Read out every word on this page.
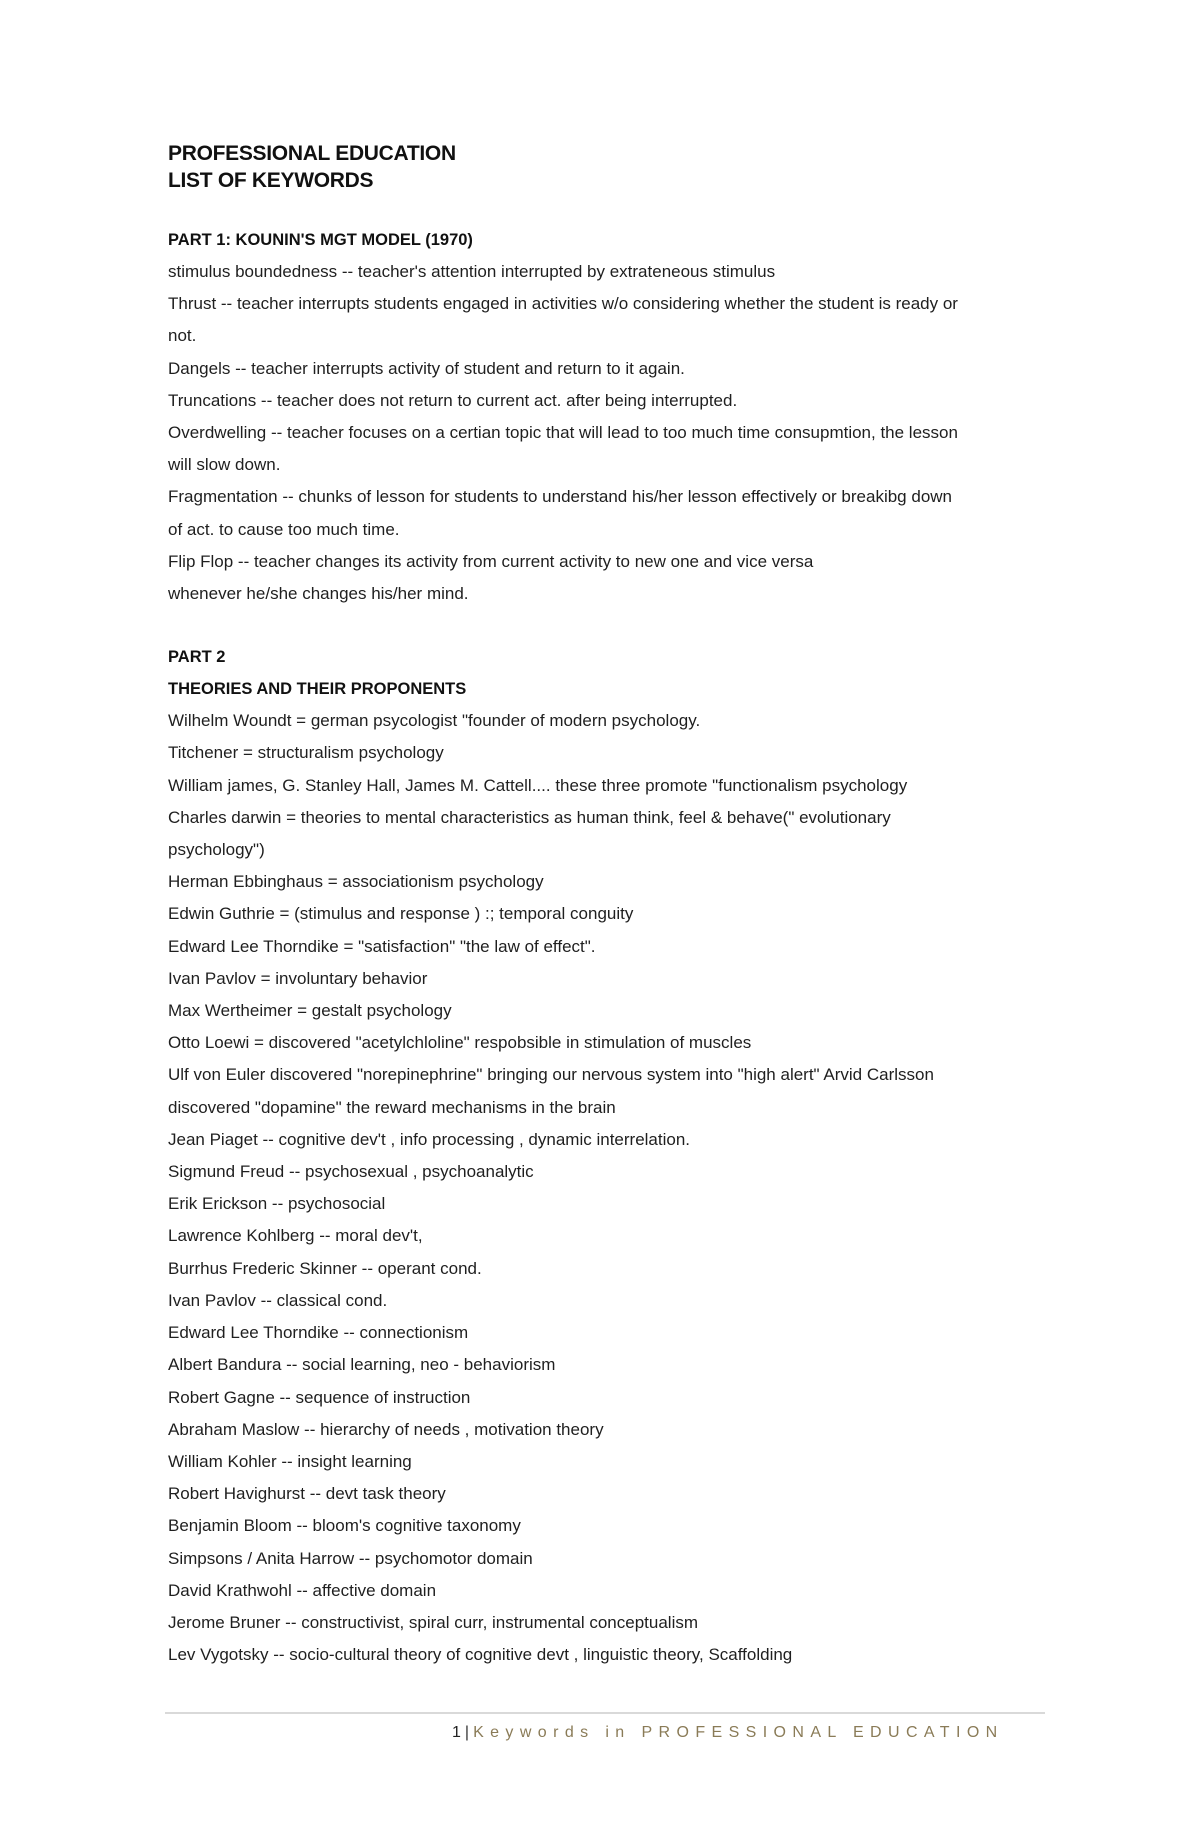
PROFESSIONAL EDUCATION
LIST OF KEYWORDS
PART 1: KOUNIN'S MGT MODEL (1970)
stimulus boundedness -- teacher's attention interrupted by extrateneous stimulus
Thrust -- teacher interrupts students engaged in activities w/o considering whether the student is ready or
not.
Dangels -- teacher interrupts activity of student and return to it again.
Truncations -- teacher does not return to current act. after being interrupted.
Overdwelling -- teacher focuses on a certian topic that will lead to too much time consupmtion, the lesson
will slow down.
Fragmentation -- chunks of lesson for students to understand his/her lesson effectively or breakibg down
of act. to cause too much time.
Flip Flop -- teacher changes its activity from current activity to new one and vice versa
whenever he/she changes his/her mind.
PART 2
THEORIES AND THEIR PROPONENTS
Wilhelm Woundt = german psycologist "founder of modern psychology.
Titchener = structuralism psychology
William james, G. Stanley Hall, James M. Cattell.... these three promote "functionalism psychology
Charles darwin = theories to mental characteristics as human think, feel & behave(" evolutionary
psychology")
Herman Ebbinghaus = associationism psychology
Edwin Guthrie = (stimulus and response ) :; temporal conguity
Edward Lee Thorndike = "satisfaction" "the law of effect".
Ivan Pavlov = involuntary behavior
Max Wertheimer = gestalt psychology
Otto Loewi = discovered "acetylchloline" respobsible in stimulation of muscles
Ulf von Euler discovered "norepinephrine" bringing our nervous system into "high alert" Arvid Carlsson
discovered "dopamine" the reward mechanisms in the brain
Jean Piaget -- cognitive dev't , info processing , dynamic interrelation.
Sigmund Freud -- psychosexual , psychoanalytic
Erik Erickson -- psychosocial
Lawrence Kohlberg -- moral dev't,
Burrhus Frederic Skinner -- operant cond.
Ivan Pavlov -- classical cond.
Edward Lee Thorndike -- connectionism
Albert Bandura -- social learning, neo - behaviorism
Robert Gagne -- sequence of instruction
Abraham Maslow -- hierarchy of needs , motivation theory
William Kohler -- insight learning
Robert Havighurst -- devt task theory
Benjamin Bloom -- bloom's cognitive taxonomy
Simpsons / Anita Harrow -- psychomotor domain
David Krathwohl -- affective domain
Jerome Bruner -- constructivist, spiral curr, instrumental conceptualism
Lev Vygotsky -- socio-cultural theory of cognitive devt , linguistic theory, Scaffolding
1 | Keywords in PROFESSIONAL EDUCATION
